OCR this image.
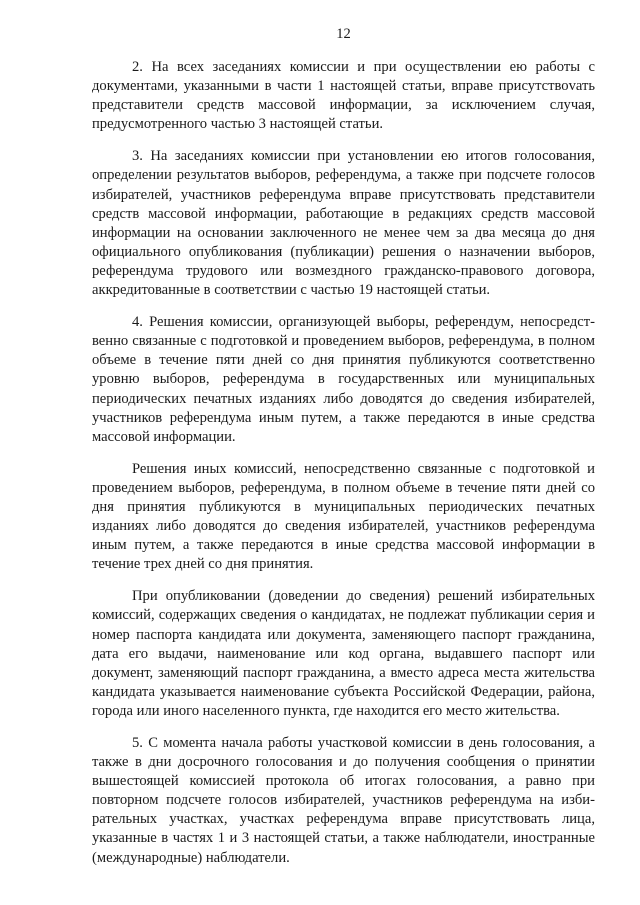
12

2. На всех заседаниях комиссии и при осуществлении ею работы с документами, указанными в части 1 настоящей статьи, вправе присутствоvать представители средств массовой информации, за исключением случая, предусмотренного частью 3 настоящей статьи.

3. На заседаниях комиссии при установлении ею итогов голосования, определении результатов выборов, референдума, а также при подсчете голосов избирателей, участников референдума вправе присутствовать представители средств массовой информации, работающие в редакциях средств массовой информации на основании заключенного не менее чем за два месяца до дня официального опубликования (публикации) решения о назначении выборов, референдума трудового или возмездного гражданско-правового договора, аккредитованные в соответствии с частью 19 настоящей статьи.

4. Решения комиссии, организующей выборы, референдум, непосредственно связанные с подготовкой и проведением выборов, референдума, в полном объеме в течение пяти дней со дня принятия публикуются соответственно уровню выборов, референдума в государственных или муниципальных периодических печатных изданиях либо доводятся до сведения избирателей, участников референдума иным путем, а также передаются в иные средства массовой информации.

Решения иных комиссий, непосредственно связанные с подготовкой и проведением выборов, референдума, в полном объеме в течение пяти дней со дня принятия публикуются в муниципальных периодических печатных изданиях либо доводятся до сведения избирателей, участников референдума иным путем, а также передаются в иные средства массовой информации в течение трех дней со дня принятия.

При опубликовании (доведении до сведения) решений избирательных комиссий, содержащих сведения о кандидатах, не подлежат публикации серия и номер паспорта кандидата или документа, заменяющего паспорт гражданина, дата его выдачи, наименование или код органа, выдавшего паспорт или документ, заменяющий паспорт гражданина, а вместо адреса места жительства кандидата указывается наименование субъекта Российской Федерации, района, города или иного населенного пункта, где находится его место жительства.

5. С момента начала работы участковой комиссии в день голосования, а также в дни досрочного голосования и до получения сообщения о принятии вышестоящей комиссией протокола об итогах голосования, а равно при повторном подсчете голосов избирателей, участников референдума на избирательных участках, участках референдума вправе присутствовать лица, указанные в частях 1 и 3 настоящей статьи, а также наблюдатели, иностранные (международные) наблюдатели.
